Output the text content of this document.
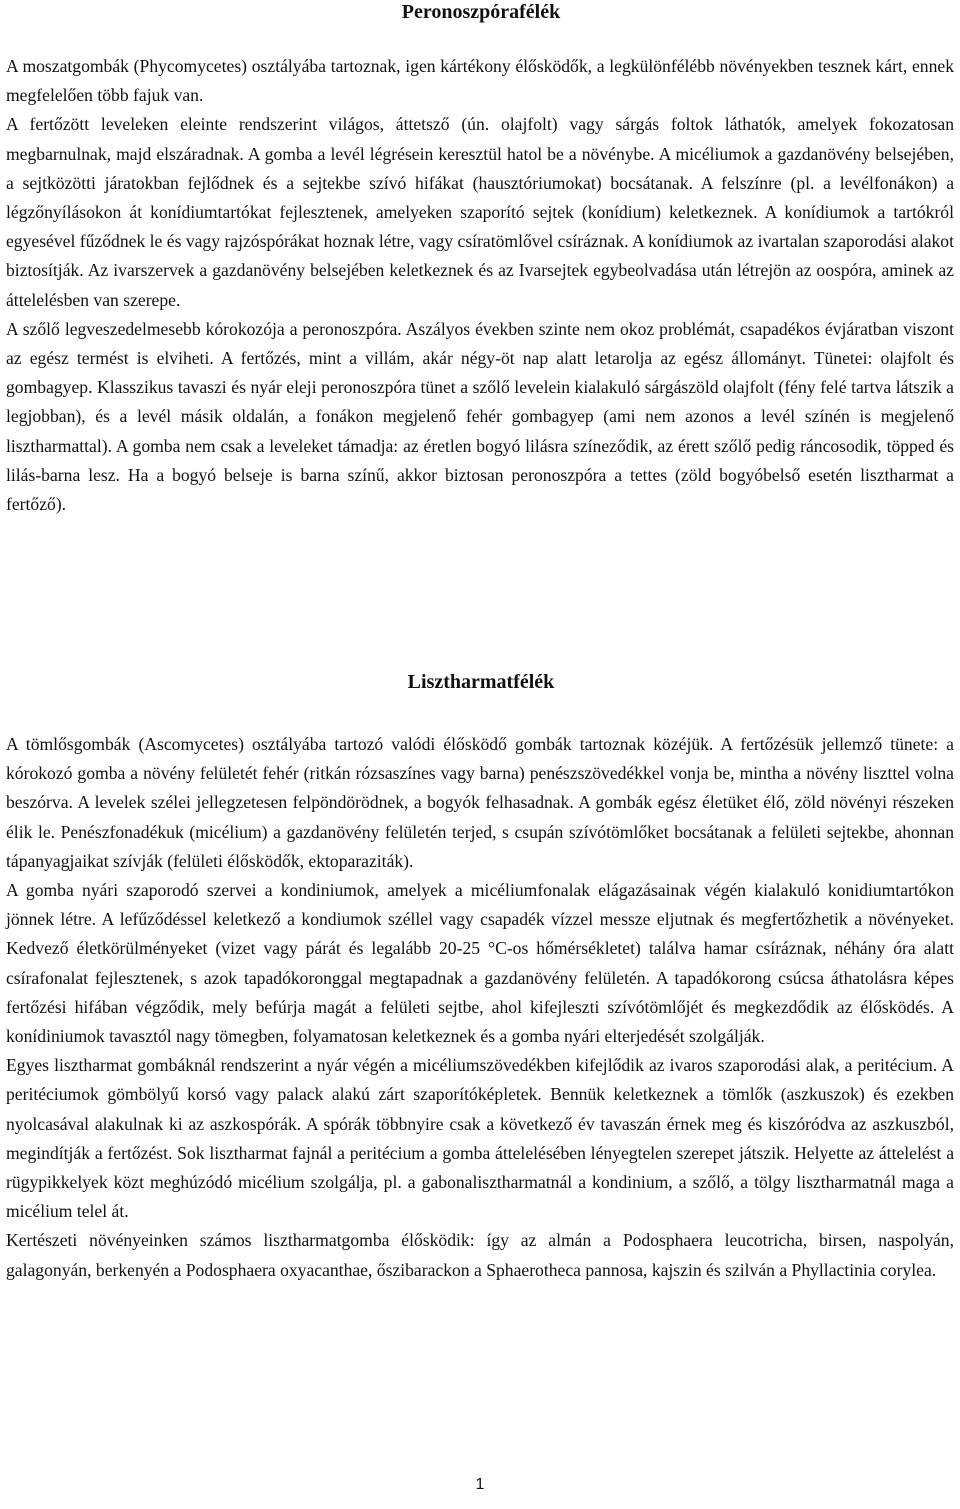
Peronoszpórafélék

A moszatgombák (Phycomycetes) osztályába tartoznak, igen kártékony élősködők, a legkülönfélébb növényekben tesznek kárt, ennek megfelelően több fajuk van.

A fertőzött leveleken eleinte rendszerint világos, áttetsző (ún. olajfolt) vagy sárgás foltok láthatók, amelyek fokozatosan megbarnulnak, majd elszáradnak. A gomba a levél légrésein keresztül hatol be a növénybe. A micéliumok a gazdanövény belsejében, a sejtközötti járatokban fejlődnek és a sejtekbe szívó hifákat (hausztóriumokat) bocsátanak. A felszínre (pl. a levélfonákon) a légzőnyílásokon át konídiumtartókat fejlesztenek, amelyeken szaporító sejtek (konídium) keletkeznek. A konídiumok a tartókról egyesével fűződnek le és vagy rajzóspórákat hoznak létre, vagy csíratömlővel csíráznak. A konídiumok az ivartalan szaporodási alakot biztosítják. Az ivarszervek a gazdanövény belsejében keletkeznek és az Ivarsejtek egybeolvadása után létrejön az oospóra, aminek az áttelelésben van szerepe.

A szőlő legveszedelmesebb kórokozója a peronoszpóra. Aszályos években szinte nem okoz problémát, csapadékos évjáratban viszont az egész termést is elviheti. A fertőzés, mint a villám, akár négy-öt nap alatt letarolja az egész állományt. Tünetei: olajfolt és gombagyep. Klasszikus tavaszi és nyár eleji peronoszpóra tünet a szőlő levelein kialakuló sárgászöld olajfolt (fény felé tartva látszik a legjobban), és a levél másik oldalán, a fonákon megjelenő fehér gombagyep (ami nem azonos a levél színén is megjelenő lisztharmattal). A gomba nem csak a leveleket támadja: az éretlen bogyó lilásra színeződik, az érett szőlő pedig ráncosodik, töpped és lilás-barna lesz. Ha a bogyó belseje is barna színű, akkor biztosan peronoszpóra a tettes (zöld bogyóbelső esetén lisztharmat a fertőző).

Lisztharmatfélék

A tömlősgombák (Ascomycetes) osztályába tartozó valódi élősködő gombák tartoznak közéjük. A fertőzésük jellemző tünete: a kórokozó gomba a növény felületét fehér (ritkán rózsaszínes vagy barna) penészszövedékkel vonja be, mintha a növény liszttel volna beszórva. A levelek szélei jellegzetesen felpöndörödnek, a bogyók felhasadnak. A gombák egész életüket élő, zöld növényi részeken élik le. Penészfonadékuk (micélium) a gazdanövény felületén terjed, s csupán szívótömlőket bocsátanak a felületi sejtekbe, ahonnan tápanyagjaikat szívják (felületi élősködők, ektoparaziták).

A gomba nyári szaporodó szervei a kondiniumok, amelyek a micéliumfonalak elágazásainak végén kialakuló konidiumtartókon jönnek létre. A lefűződéssel keletkező a kondiumok széllel vagy csapadék vízzel messze eljutnak és megfertőzhetik a növényeket. Kedvező életkörülményeket (vizet vagy párát és legalább 20-25 °C-os hőmérsékletet) találva hamar csíráznak, néhány óra alatt csírafonalat fejlesztenek, s azok tapadókoronggal megtapadnak a gazdanövény felületén. A tapadókorong csúcsa áthatolásra képes fertőzési hifában végződik, mely befúrja magát a felületi sejtbe, ahol kifejleszti szívótömlőjét és megkezdődik az élősködés. A konídiniumok tavasztól nagy tömegben, folyamatosan keletkeznek és a gomba nyári elterjedését szolgálják.

Egyes lisztharmat gombáknál rendszerint a nyár végén a micéliumszövedékben kifejlődik az ivaros szaporodási alak, a peritécium. A peritéciumok gömbölyű korsó vagy palack alakú zárt szaporítóképletek. Bennük keletkeznek a tömlők (aszkuszok) és ezekben nyolcasával alakulnak ki az aszkospórák. A spórák többnyire csak a következő év tavaszán érnek meg és kiszóródva az aszkuszból, megindítják a fertőzést. Sok lisztharmat fajnál a peritécium a gomba áttelelésében lényegtelen szerepet játszik. Helyette az áttelelést a rügypikkelyek közt meghúzódó micélium szolgálja, pl. a gabonalisztharmatnál a kondinium, a szőlő, a tölgy lisztharmatnál maga a micélium telel át.

Kertészeti növényeinken számos lisztharmatgomba élősködik: így az almán a Podosphaera leucotricha, birsen, naspolyán, galagonyán, berkenyén a Podosphaera oxyacanthae, őszibarackon a Sphaerotheca pannosa, kajszin és szilván a Phyllactinia corylea.

1
